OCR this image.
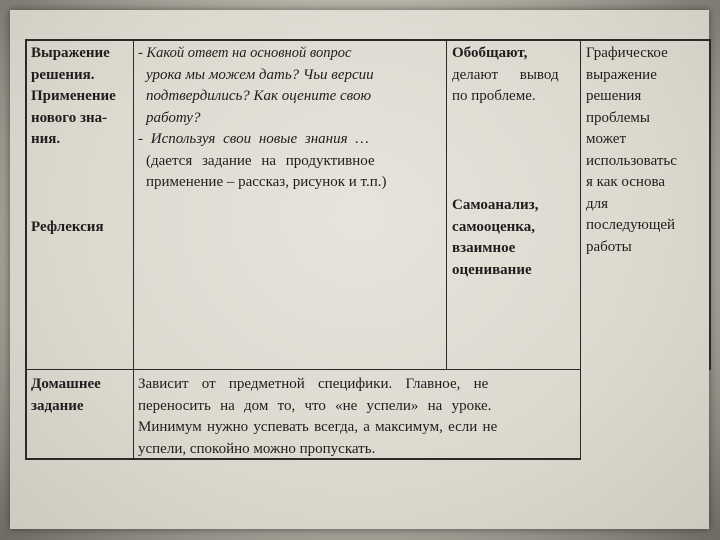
Выражение
решения.
Применение
нового зна-
ния.
Рефлексия
Домашнее
задание
- Какой ответ на основной вопрос
урока мы можем дать? Чьи версии
подтвердились? Как оцените свою
работу?
- Используя свои новые знания …
(дается задание на продуктивное
применение – рассказ, рисунок и т.п.)
Обобщают,
делают вывод
по проблеме.
Самоанализ,
самооценка,
взаимное
оценивание
Графическое
выражение
решения
проблемы
может
использоватьс
я как основа
для
последующей
работы
Зависит от предметной специфики. Главное, не
переносить на дом то, что «не успели» на уроке.
Минимум нужно успевать всегда, а максимум, если не
успели, спокойно можно пропускать.
